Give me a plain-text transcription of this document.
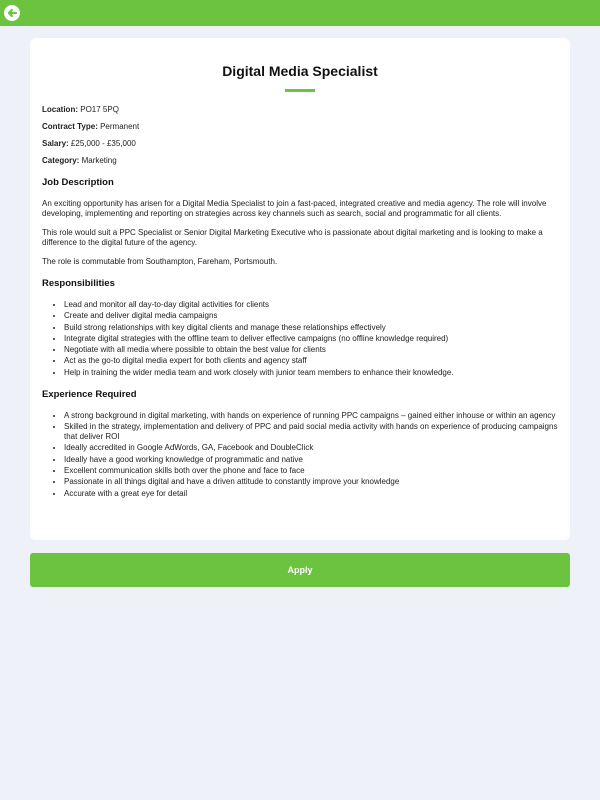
Digital Media Specialist
Location: PO17 5PQ
Contract Type: Permanent
Salary: £25,000 - £35,000
Category: Marketing
Job Description

An exciting opportunity has arisen for a Digital Media Specialist to join a fast-paced, integrated creative and media agency. The role will involve developing, implementing and reporting on strategies across key channels such as search, social and programmatic for all clients.

This role would suit a PPC Specialist or Senior Digital Marketing Executive who is passionate about digital marketing and is looking to make a difference to the digital future of the agency.

The role is commutable from Southampton, Fareham, Portsmouth.

Responsibilities
• Lead and monitor all day-to-day digital activities for clients
• Create and deliver digital media campaigns
• Build strong relationships with key digital clients and manage these relationships effectively
• Integrate digital strategies with the offline team to deliver effective campaigns (no offline knowledge required)
• Negotiate with all media where possible to obtain the best value for clients
• Act as the go-to digital media expert for both clients and agency staff
• Help in training the wider media team and work closely with junior team members to enhance their knowledge.
Experience Required
• A strong background in digital marketing, with hands on experience of running PPC campaigns – gained either inhouse or within an agency
• Skilled in the strategy, implementation and delivery of PPC and paid social media activity with hands on experience of producing campaigns that deliver ROI
• Ideally accredited in Google AdWords, GA, Facebook and DoubleClick
• Ideally have a good working knowledge of programmatic and native
• Excellent communication skills both over the phone and face to face
• Passionate in all things digital and have a driven attitude to constantly improve your knowledge
• Accurate with a great eye for detail
Apply
